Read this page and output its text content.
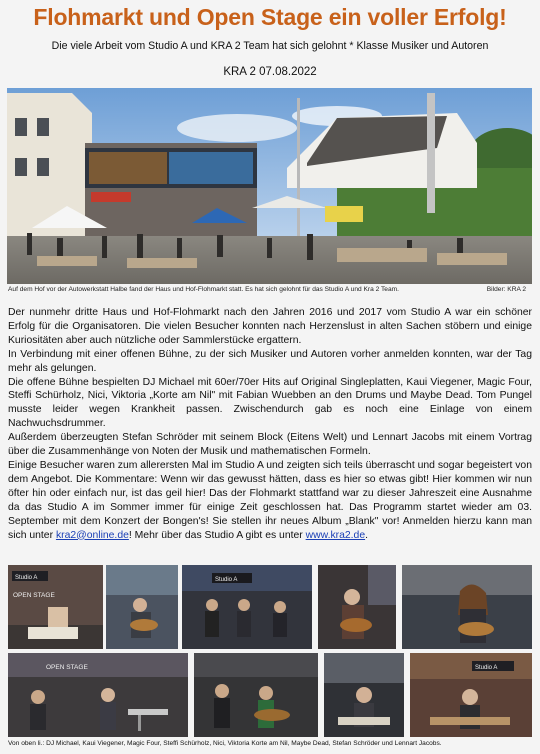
Flohmarkt und Open Stage ein voller Erfolg!
Die viele Arbeit vom Studio A und KRA 2 Team hat sich gelohnt * Klasse Musiker und Autoren
KRA 2 07.08.2022
Auf dem Hof vor der Autowerkstatt Halbe fand der Haus und Hof-Flohmarkt statt. Es hat sich gelohnt für das Studio A und Kra 2 Team.	Bilder: KRA 2

Der nunmehr dritte Haus und Hof-Flohmarkt nach den Jahren 2016 und 2017 vom Studio A war ein schöner Erfolg für die Organisatoren. Die vielen Besucher konnten nach Herzenslust in alten Sachen stöbern und einige Kuriositäten aber auch nützliche oder Sammlerstücke ergattern.

In Verbindung mit einer offenen Bühne, zu der sich Musiker und Autoren vorher anmelden konnten, war der Tag mehr als gelungen.

Die offene Bühne bespielten DJ Michael mit 60er/70er Hits auf Original Singleplatten, Kaui Viegener, Magic Four, Steffi Schürholz, Nici, Viktoria „Korte am Nil" mit Fabian Wuebben an den Drums und Maybe Dead. Tom Pungel musste leider wegen Krankheit passen. Zwischendurch gab es noch eine Einlage von einem Nachwuchsdrummer.

Außerdem überzeugten Stefan Schröder mit seinem Block (Eitens Welt) und Lennart Jacobs mit einem Vortrag über die Zusammenhänge von Noten der Musik und mathematischen Formeln.

Einige Besucher waren zum allerersten Mal im Studio A und zeigten sich teils überrascht und sogar begeistert von dem Angebot. Die Kommentare: Wenn wir das gewusst hätten, dass es hier so etwas gibt! Hier kommen wir nun öfter hin oder einfach nur, ist das geil hier! Das der Flohmarkt stattfand war zu dieser Jahreszeit eine Ausnahme da das Studio A im Sommer immer für einige Zeit geschlossen hat. Das Programm startet wieder am 03. September mit dem Konzert der Bongen's! Sie stellen ihr neues Album „Blank" vor! Anmelden hierzu kann man sich unter kra2@online.de! Mehr über das Studio A gibt es unter www.kra2.de.

Studio A
OPEN STAGE
Studio A
OPEN STAGE	Studio A
Von oben li.: DJ Michael, Kaui Viegener, Magic Four, Steffi Schürholz, Nici, Viktoria Korte am Nil, Maybe Dead, Stefan Schröder und Lennart Jacobs.
